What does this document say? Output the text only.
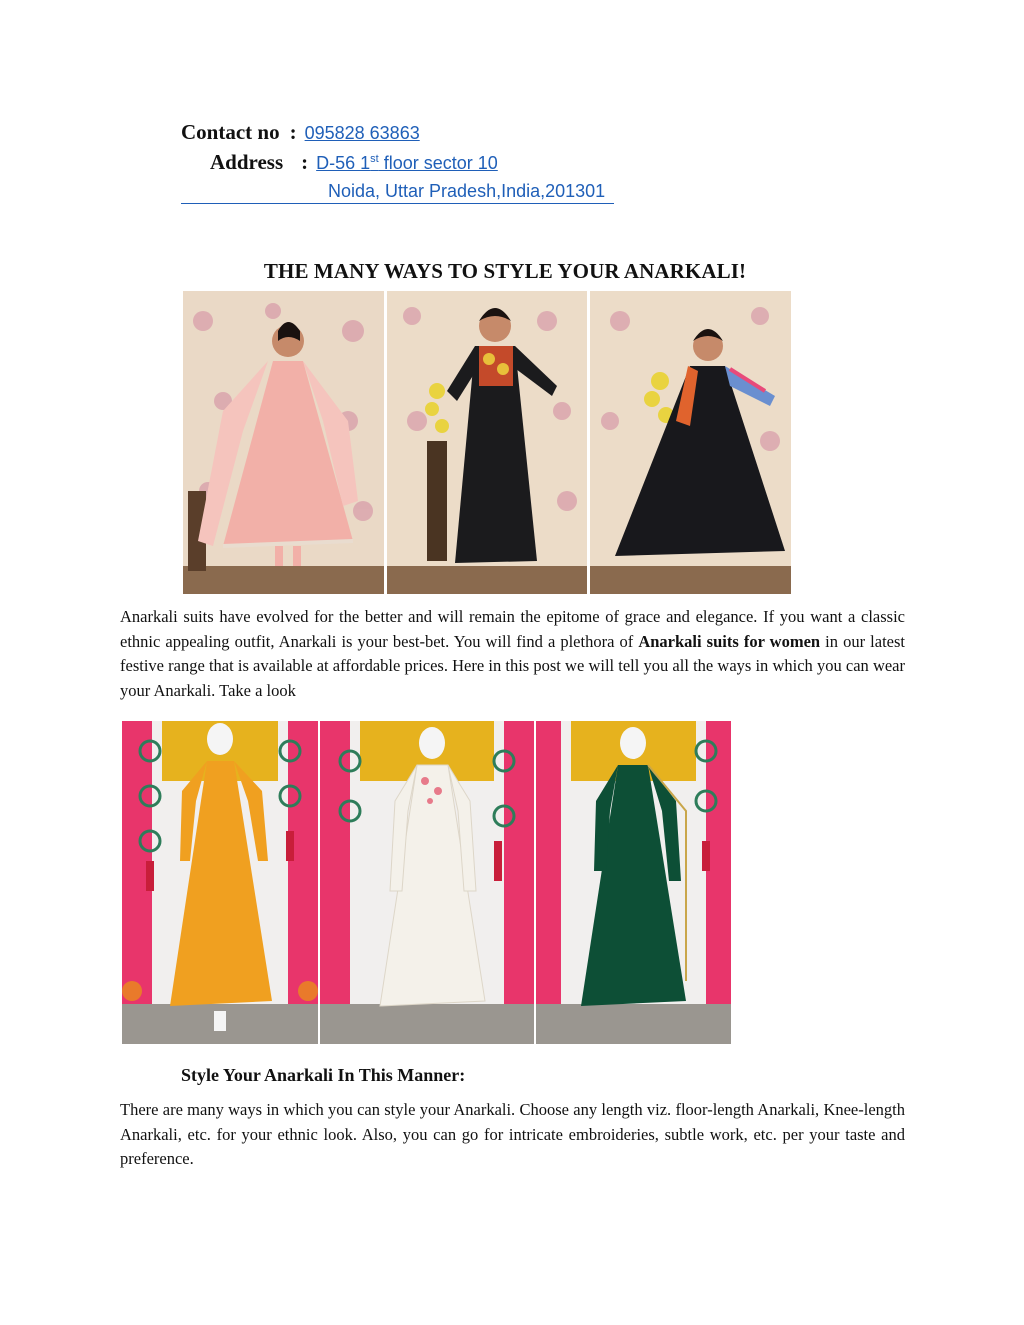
Contact no : 095828 63863
Address : D-56 1st floor sector 10
Noida, Uttar Pradesh,India,201301
THE MANY WAYS TO STYLE YOUR ANARKALI!

Anarkali suits have evolved for the better and will remain the epitome of grace and elegance. If you want a classic ethnic appealing outfit, Anarkali is your best-bet. You will find a plethora of Anarkali suits for women in our latest festive range that is available at affordable prices. Here in this post we will tell you all the ways in which you can wear your Anarkali. Take a look

Style Your Anarkali In This Manner:

There are many ways in which you can style your Anarkali. Choose any length viz. floor-length Anarkali, Knee-length Anarkali, etc. for your ethnic look. Also, you can go for intricate embroideries, subtle work, etc. per your taste and preference.
